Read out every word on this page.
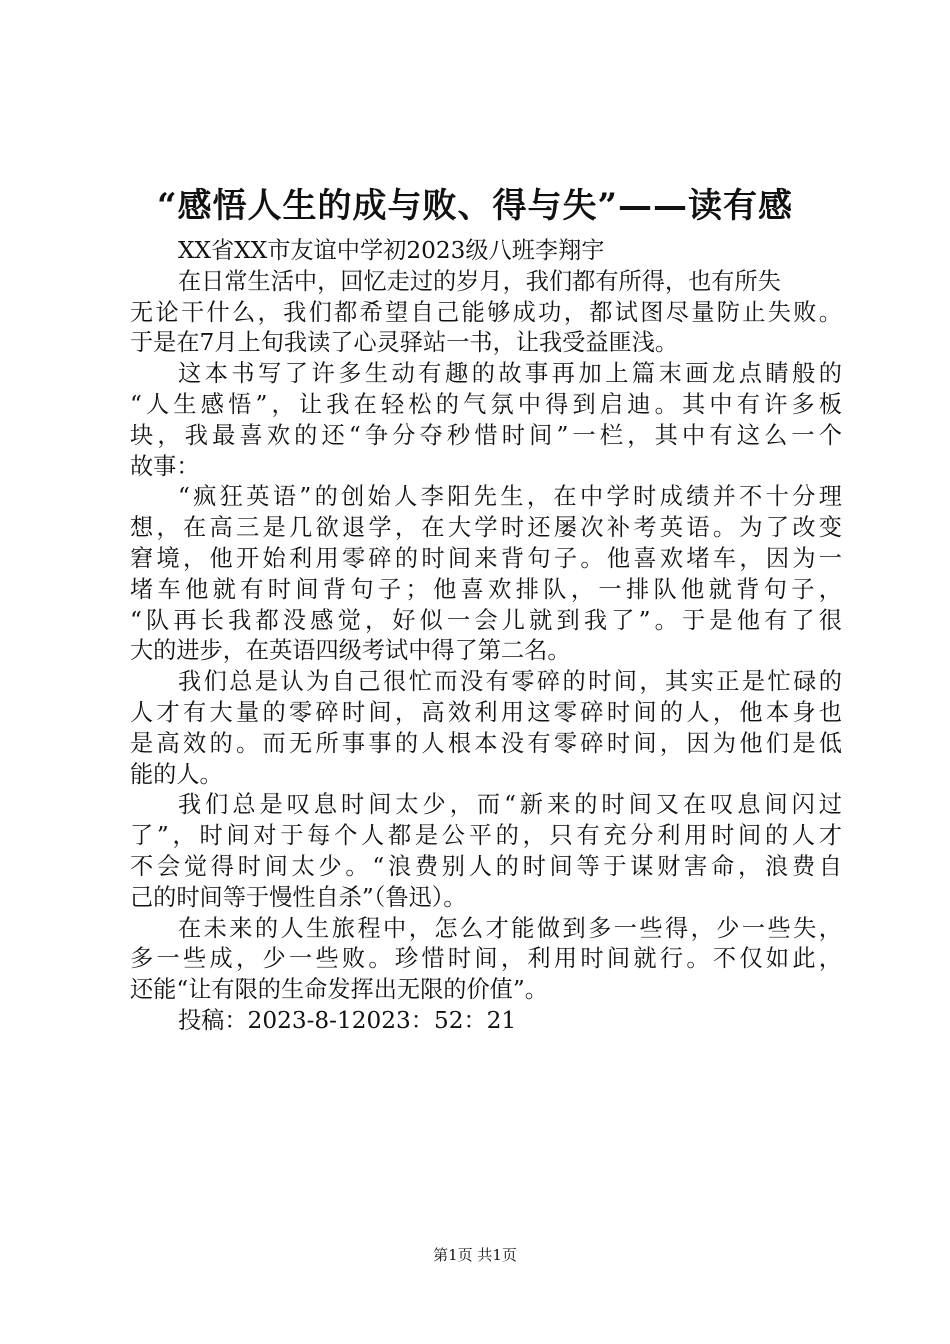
“感悟人生的成与败、得与失”——读有感
XX省XX市友谊中学初2023级八班李翔宇
在日常生活中，回忆走过的岁月，我们都有所得，也有所失
无论干什么，我们都希望自己能够成功，都试图尽量防止失败。
于是在7月上旬我读了心灵驿站一书，让我受益匪浅。
这本书写了许多生动有趣的故事再加上篇末画龙点睛般的
“人生感悟”，让我在轻松的气氛中得到启迪。其中有许多板
块，我最喜欢的还“争分夺秒惜时间”一栏，其中有这么一个
故事：
“疯狂英语”的创始人李阳先生，在中学时成绩并不十分理
想，在高三是几欲退学，在大学时还屡次补考英语。为了改变
窘境，他开始利用零碎的时间来背句子。他喜欢堵车，因为一
堵车他就有时间背句子；他喜欢排队，一排队他就背句子，
“队再长我都没感觉，好似一会儿就到我了”。于是他有了很
大的进步，在英语四级考试中得了第二名。
我们总是认为自己很忙而没有零碎的时间，其实正是忙碌的
人才有大量的零碎时间，高效利用这零碎时间的人，他本身也
是高效的。而无所事事的人根本没有零碎时间，因为他们是低
能的人。
我们总是叹息时间太少，而“新来的时间又在叹息间闪过
了”，时间对于每个人都是公平的，只有充分利用时间的人才
不会觉得时间太少。“浪费别人的时间等于谋财害命，浪费自
己的时间等于慢性自杀”（鲁迅）。
在未来的人生旅程中，怎么才能做到多一些得，少一些失，
多一些成，少一些败。珍惜时间，利用时间就行。不仅如此，
还能“让有限的生命发挥出无限的价值”。
投稿：2023-8-12023：52：21
第1页 共1页
